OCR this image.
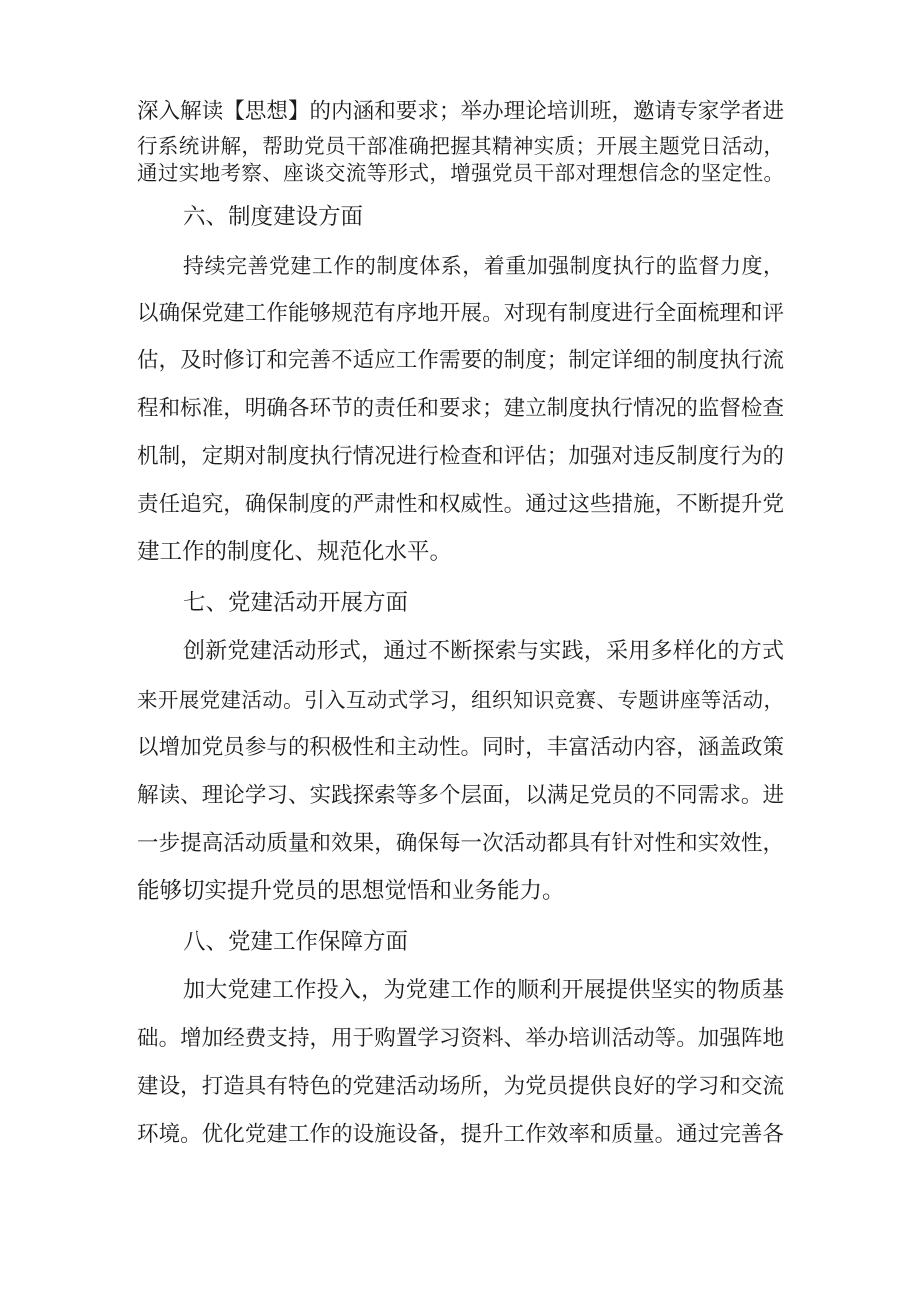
深入解读【思想】的内涵和要求；举办理论培训班，邀请专家学者进
行系统讲解，帮助党员干部准确把握其精神实质；开展主题党日活动，
通过实地考察、座谈交流等形式，增强党员干部对理想信念的坚定性。
六、制度建设方面
持续完善党建工作的制度体系，着重加强制度执行的监督力度，
以确保党建工作能够规范有序地开展。对现有制度进行全面梳理和评
估，及时修订和完善不适应工作需要的制度；制定详细的制度执行流
程和标准，明确各环节的责任和要求；建立制度执行情况的监督检查
机制，定期对制度执行情况进行检查和评估；加强对违反制度行为的
责任追究，确保制度的严肃性和权威性。通过这些措施，不断提升党
建工作的制度化、规范化水平。
七、党建活动开展方面
创新党建活动形式，通过不断探索与实践，采用多样化的方式
来开展党建活动。引入互动式学习，组织知识竞赛、专题讲座等活动，
以增加党员参与的积极性和主动性。同时，丰富活动内容，涵盖政策
解读、理论学习、实践探索等多个层面，以满足党员的不同需求。进
一步提高活动质量和效果，确保每一次活动都具有针对性和实效性，
能够切实提升党员的思想觉悟和业务能力。
八、党建工作保障方面
加大党建工作投入，为党建工作的顺利开展提供坚实的物质基
础。增加经费支持，用于购置学习资料、举办培训活动等。加强阵地
建设，打造具有特色的党建活动场所，为党员提供良好的学习和交流
环境。优化党建工作的设施设备，提升工作效率和质量。通过完善各
